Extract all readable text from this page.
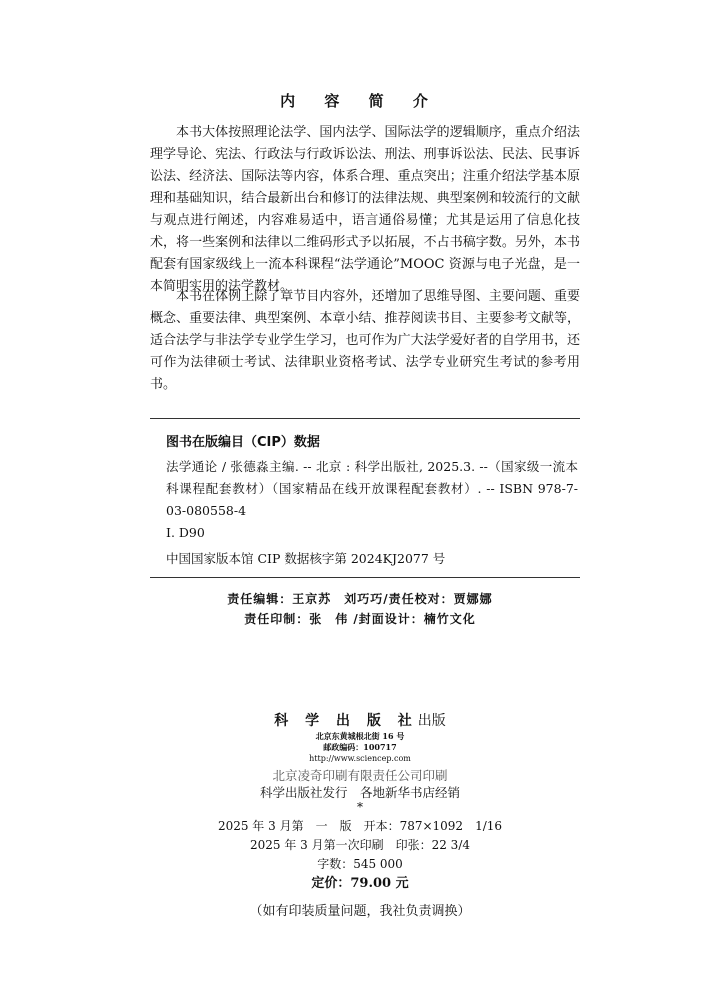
内 容 简 介

本书大体按照理论法学、国内法学、国际法学的逻辑顺序，重点介绍法理学导论、宪法、行政法与行政诉讼法、刑法、刑事诉讼法、民法、民事诉讼法、经济法、国际法等内容，体系合理、重点突出；注重介绍法学基本原理和基础知识，结合最新出台和修订的法律法规、典型案例和较流行的文献与观点进行阐述，内容难易适中，语言通俗易懂；尤其是运用了信息化技术，将一些案例和法律以二维码形式予以拓展，不占书稿字数。另外，本书配套有国家级线上一流本科课程“法学通论”MOOC 资源与电子光盘，是一本简明实用的法学教材。

本书在体例上除了章节目内容外，还增加了思维导图、主要问题、重要概念、重要法律、典型案例、本章小结、推荐阅读书目、主要参考文献等，适合法学与非法学专业学生学习，也可作为广大法学爱好者的自学用书，还可作为法律硕士考试、法律职业资格考试、法学专业研究生考试的参考用书。

图书在版编目（CIP）数据
法学通论 / 张德淼主编. -- 北京 : 科学出版社, 2025.3. --（国家级一流本科课程配套教材）（国家精品在线开放课程配套教材）. -- ISBN 978-7-03-080558-4
Ⅰ. D90
中国国家版本馆 CIP 数据核字第 2024KJ2077 号
责任编辑：王京苏　刘巧巧/责任校对：贾娜娜
责任印制：张　伟 /封面设计：楠竹文化
科 学 出 版 社出版
北京东黄城根北街 16 号
邮政编码：100717
http://www.sciencep.com
北京凌奇印刷有限责任公司印刷
科学出版社发行　各地新华书店经销
*
2025 年 3 月第　一　版　开本：787×1092　1/16
2025 年 3 月第一次印刷　印张：22 3/4
字数：545 000
定价：79.00 元
（如有印装质量问题，我社负责调换）
